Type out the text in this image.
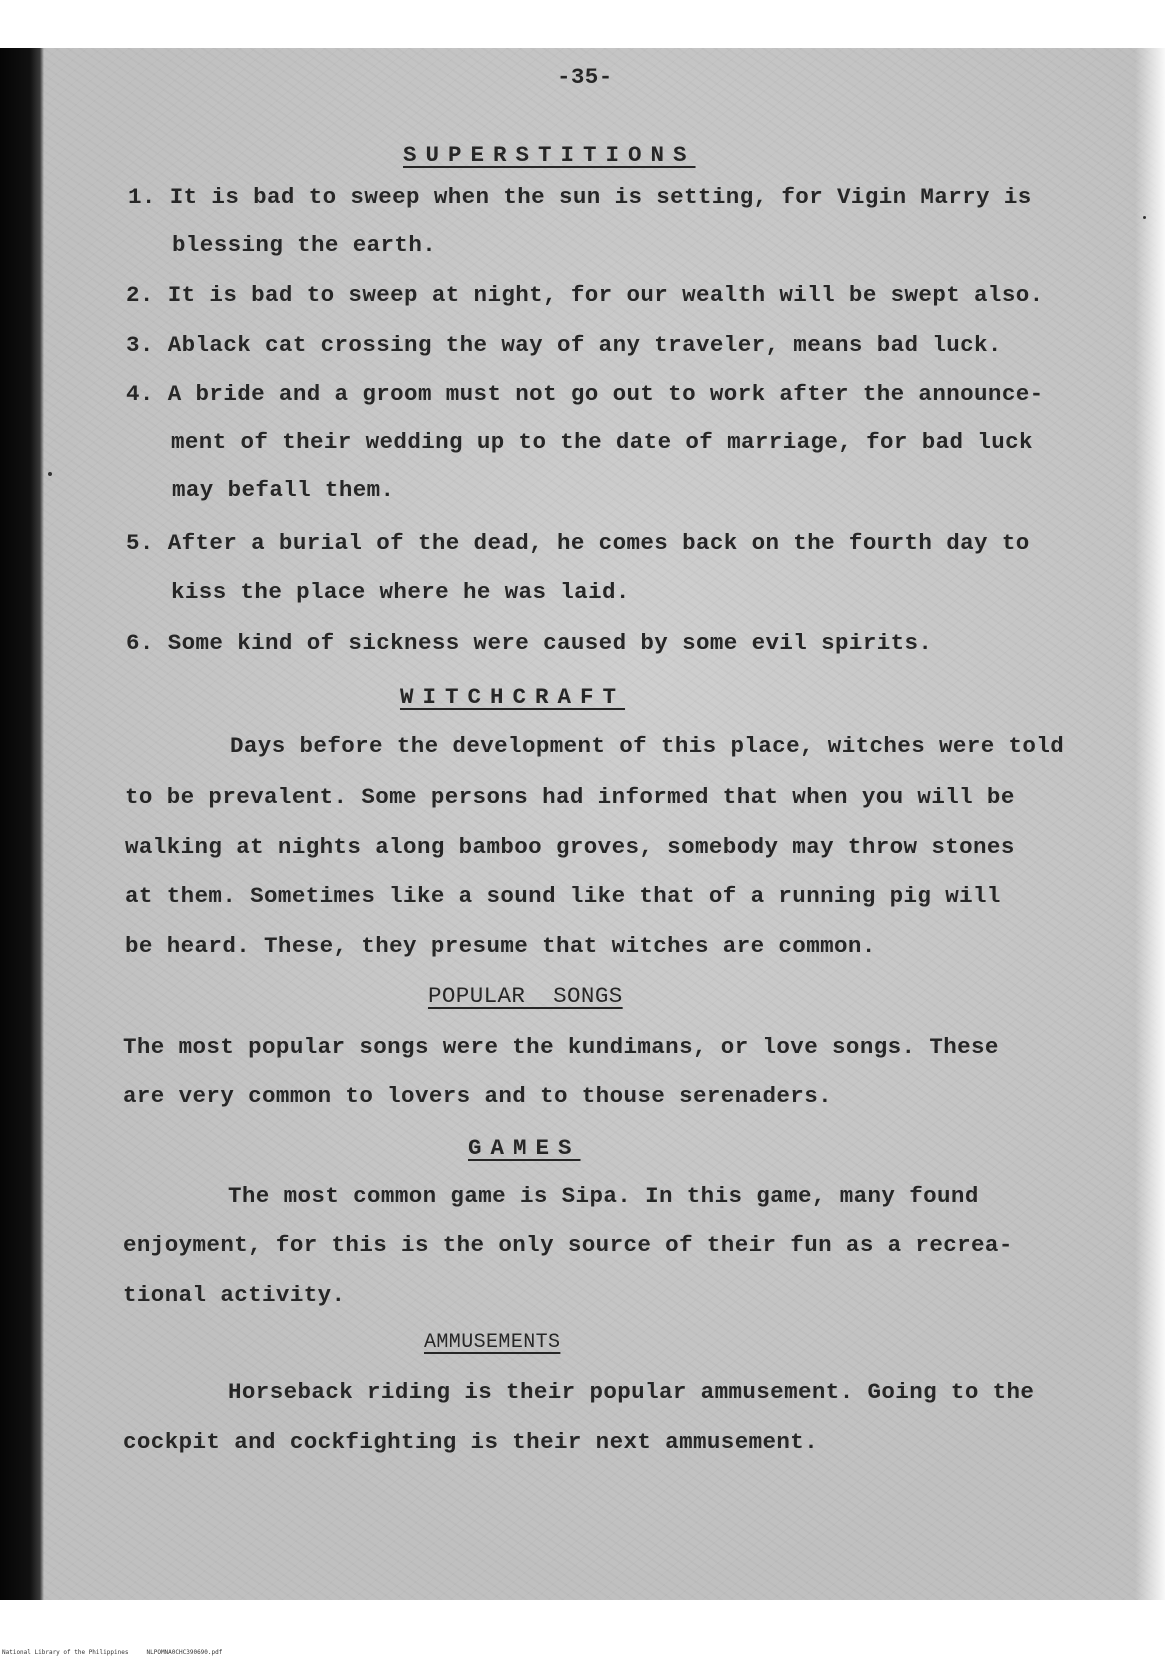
-35-
SUPERSTITIONS
1. It is bad to sweep when the sun is setting, for Vigin Marry is
blessing the earth.
2. It is bad to sweep at night, for our wealth will be swept also.
3. Ablack cat crossing the way of any traveler, means bad luck.
4. A bride and a groom must not go out to work after the announce-
ment of their wedding up to the date of marriage, for bad luck
may befall them.
5. After a burial of the dead, he comes back on the fourth day to
kiss the place where he was laid.
6. Some kind of sickness were caused by some evil spirits.
WITCHCRAFT
Days before the development of this place, witches were told
to be prevalent. Some persons had informed that when you will be
walking at nights along bamboo groves, somebody may throw stones
at them. Sometimes like a sound like that of a running pig will
be heard. These, they presume that witches are common.
POPULAR  SONGS
The most popular songs were the kundimans, or love songs. These
are very common to lovers and to thouse serenaders.
GAMES
The most common game is Sipa. In this game, many found
enjoyment, for this is the only source of their fun as a recrea-
tional activity.
AMMUSEMENTS
Horseback riding is their popular ammusement. Going to the
cockpit and cockfighting is their next ammusement.
National Library of the Philippines	NLPOMNA0CHC390690.pdf
